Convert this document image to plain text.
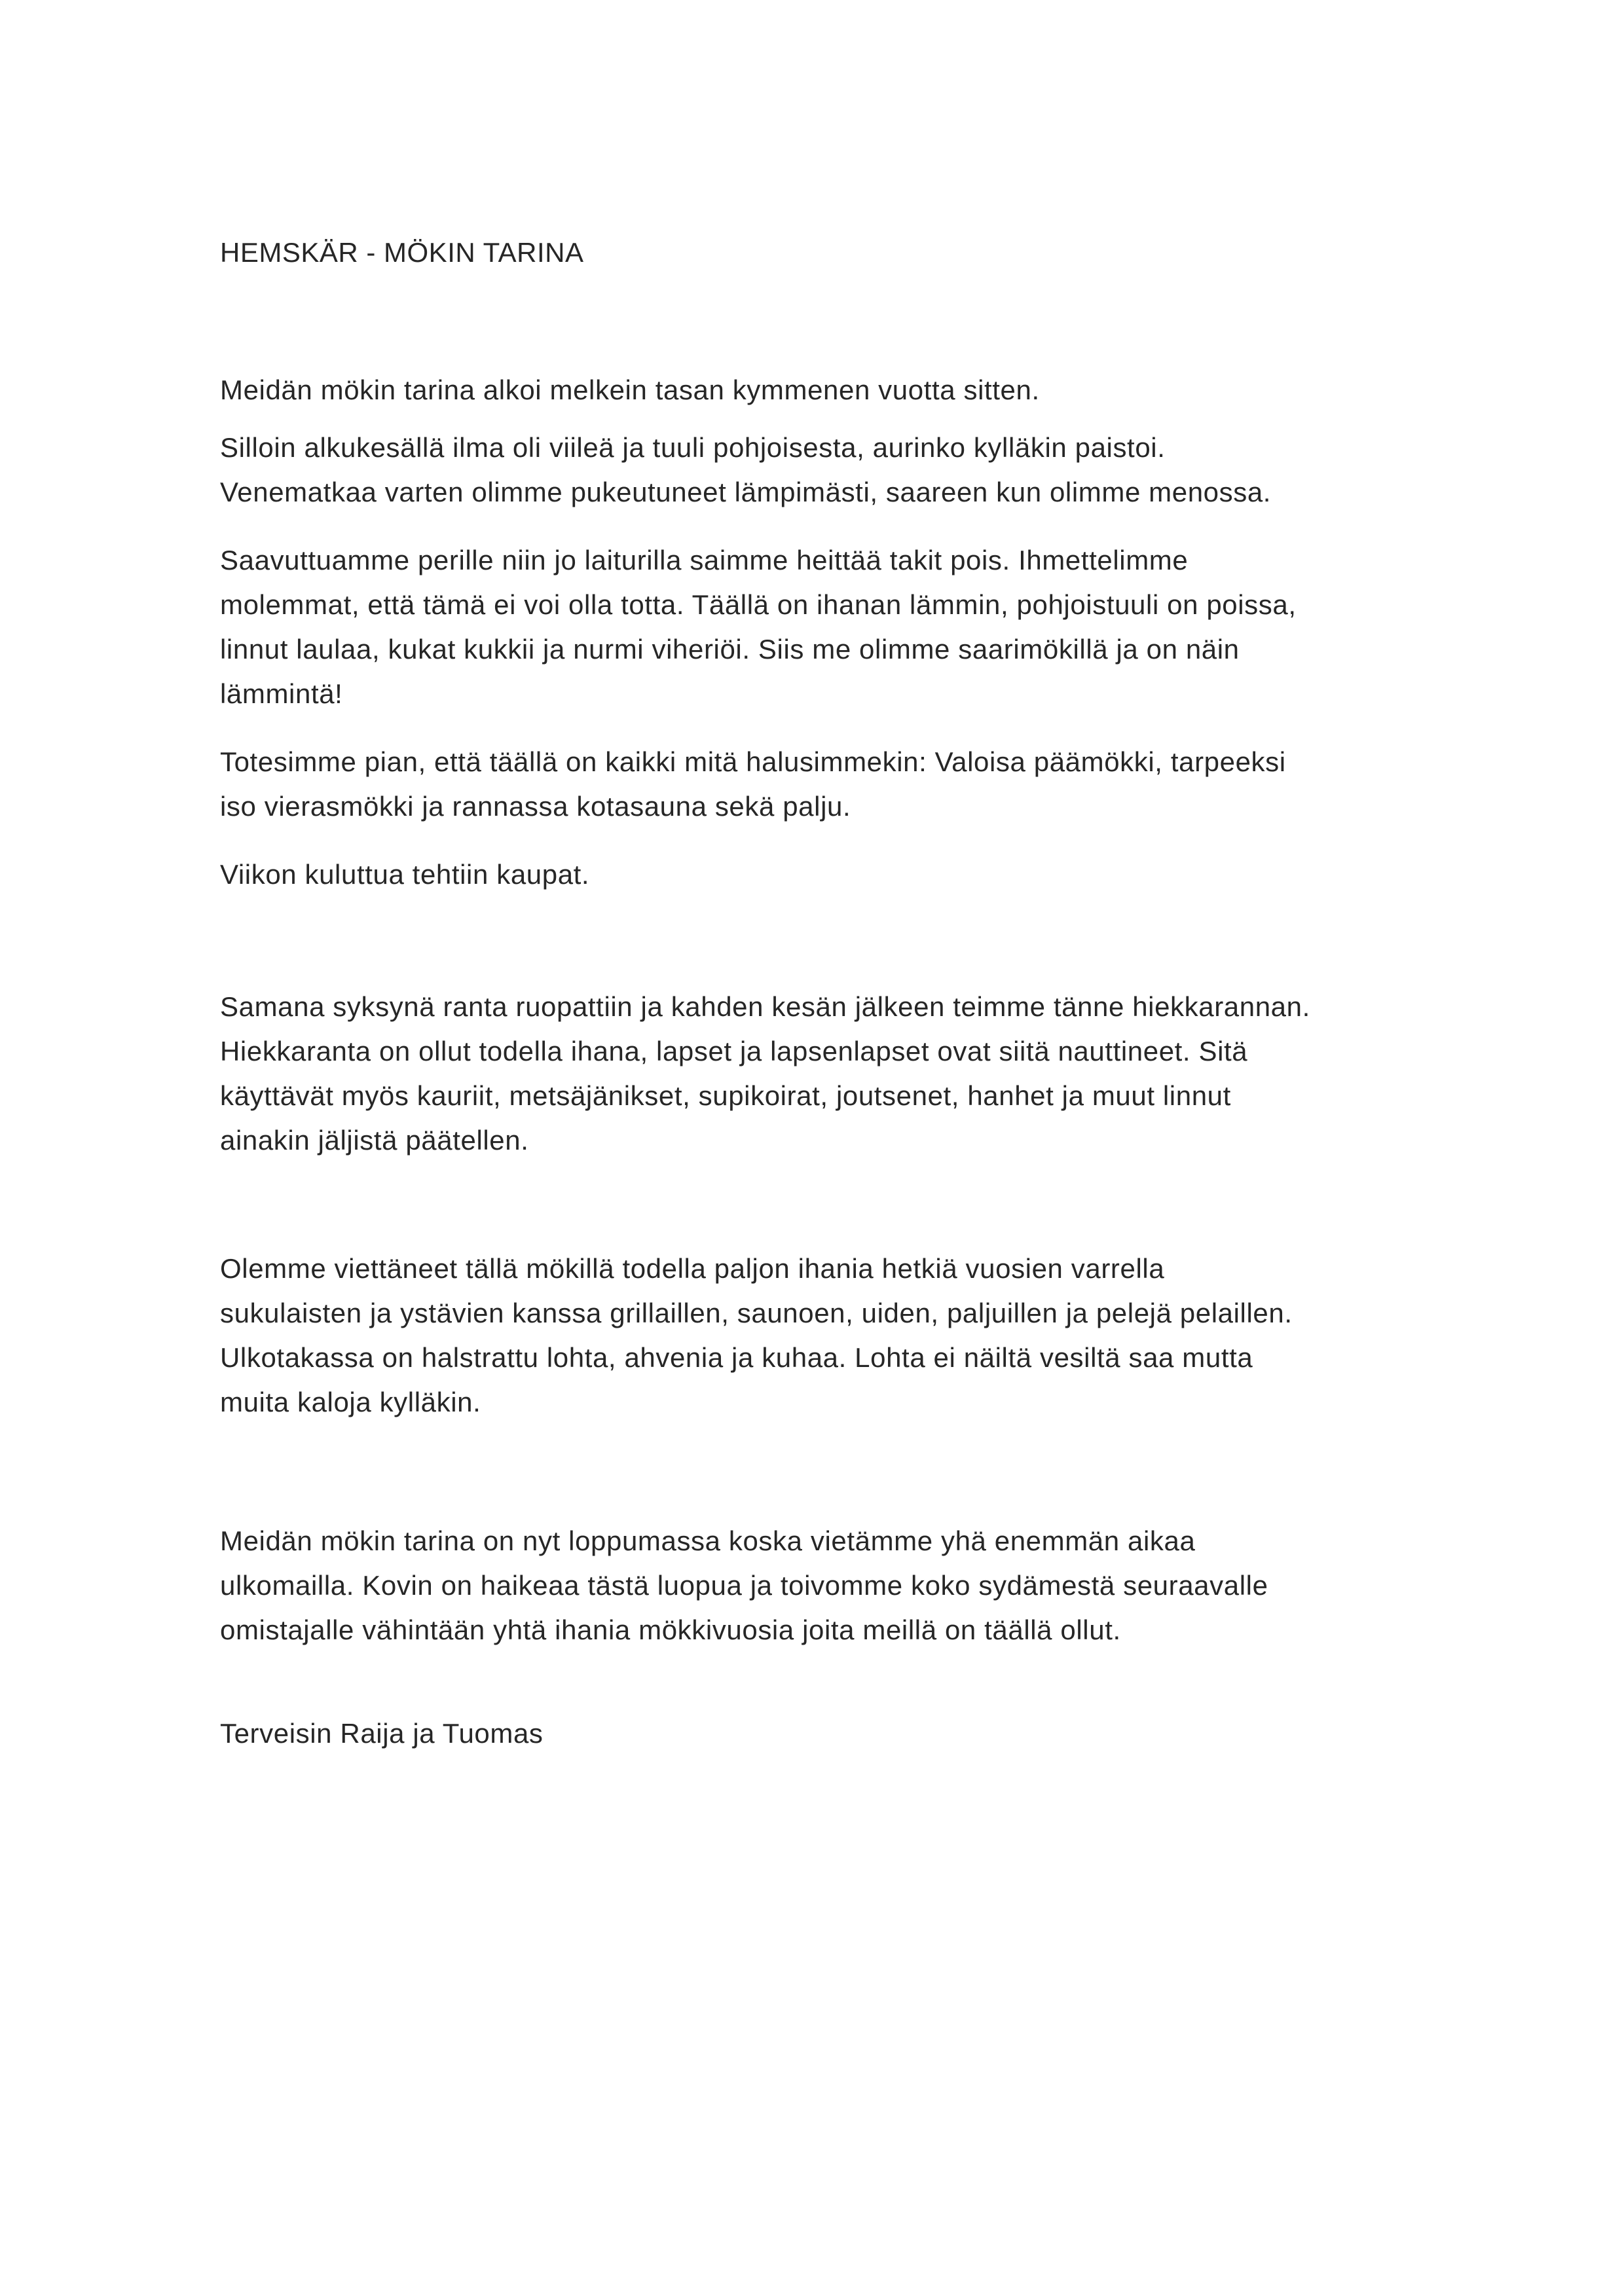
HEMSKÄR - MÖKIN TARINA

Meidän mökin tarina alkoi melkein tasan kymmenen vuotta sitten.

Silloin alkukesällä ilma oli viileä ja tuuli pohjoisesta, aurinko kylläkin paistoi.
Venematkaa varten olimme pukeutuneet lämpimästi, saareen kun olimme menossa.

Saavuttuamme perille niin jo laiturilla saimme heittää takit pois. Ihmettelimme
molemmat, että tämä ei voi olla totta. Täällä on ihanan lämmin, pohjoistuuli on poissa,
linnut laulaa, kukat kukkii ja nurmi viheriöi. Siis me olimme saarimökillä ja on näin
lämmintä!

Totesimme pian, että täällä on kaikki mitä halusimmekin: Valoisa päämökki, tarpeeksi
iso vierasmökki ja rannassa kotasauna sekä palju.

Viikon kuluttua tehtiin kaupat.

Samana syksynä ranta ruopattiin ja kahden kesän jälkeen teimme tänne hiekkarannan.
Hiekkaranta on ollut todella ihana, lapset ja lapsenlapset ovat siitä nauttineet. Sitä
käyttävät myös kauriit, metsäjänikset, supikoirat, joutsenet, hanhet ja muut linnut
ainakin jäljistä päätellen.

Olemme viettäneet tällä mökillä todella paljon ihania hetkiä vuosien varrella
sukulaisten ja ystävien kanssa grillaillen, saunoen, uiden, paljuillen ja pelejä pelaillen.
Ulkotakassa on halstrattu lohta, ahvenia ja kuhaa. Lohta ei näiltä vesiltä saa mutta
muita kaloja kylläkin.

Meidän mökin tarina on nyt loppumassa koska vietämme yhä enemmän aikaa
ulkomailla. Kovin on haikeaa tästä luopua ja toivomme koko sydämestä seuraavalle
omistajalle vähintään yhtä ihania mökkivuosia joita meillä on täällä ollut.

Terveisin Raija ja Tuomas
